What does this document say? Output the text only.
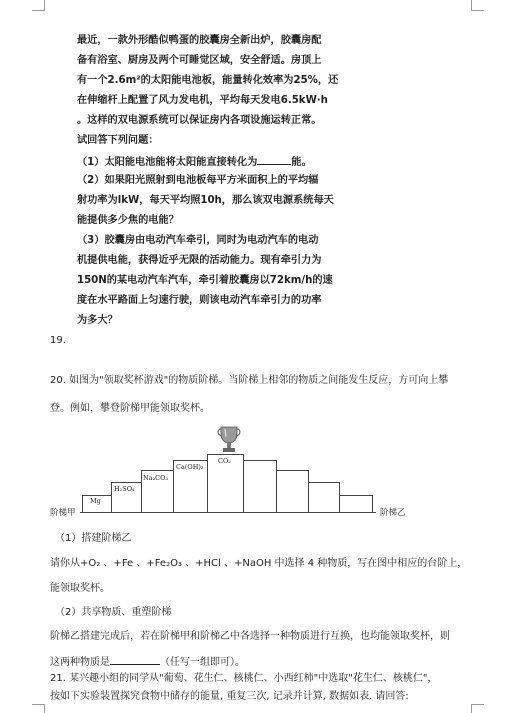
最近，一款外形酷似鸭蛋的胶囊房全新出炉，胶囊房配
备有浴室、厨房及两个可睡觉区域，安全舒适。房顶上
有一个2.6m²的太阳能电池板，能量转化效率为25%，还
在伸缩杆上配置了风力发电机，平均每天发电6.5kW·h
。这样的双电源系统可以保证房内各项设施运转正常。
试回答下列问题：
（1）太阳能电池能将太阳能直接转化为	能。
（2）如果阳光照射到电池板每平方米面积上的平均辐
射功率为lkW，每天平均照10h，那么该双电源系统每天
能提供多少焦的电能？
（3）胶囊房由电动汽车牵引，同时为电动汽车的电动
机提供电能，获得近乎无限的活动能力。现有牵引力为
150N的某电动汽车汽车，牵引着胶囊房以72km/h的速
度在水平路面上匀速行驶，则该电动汽车牵引力的功率
为多大？
19.
20. 如图为"领取奖杯游戏"的物质阶梯。当阶梯上相邻的物质之间能发生反应，方可向上攀
登。例如，攀登阶梯甲能领取奖杯。
Mg
H₂SO₄
Na₂CO₃
Ca(OH)₂
CO₂
阶梯甲	阶梯乙
（1）搭建阶梯乙
请你从+O₂ 、+Fe 、+Fe₂O₃ 、+HCl 、+NaOH 中选择 4 种物质，写在图中相应的台阶上，
能领取奖杯。
（2）共享物质、重塑阶梯
阶梯乙搭建完成后，若在阶梯甲和阶梯乙中各选择一种物质进行互换，也均能领取奖杯，则
这两种物质是	（任写一组即可）。
21. 某兴趣小组的同学从"葡萄、花生仁、核桃仁、小西红柿"中选取"花生仁、核桃仁"，
按如下实验装置探究食物中储存的能量, 重复三次, 记录并计算, 数据如表. 请回答:
